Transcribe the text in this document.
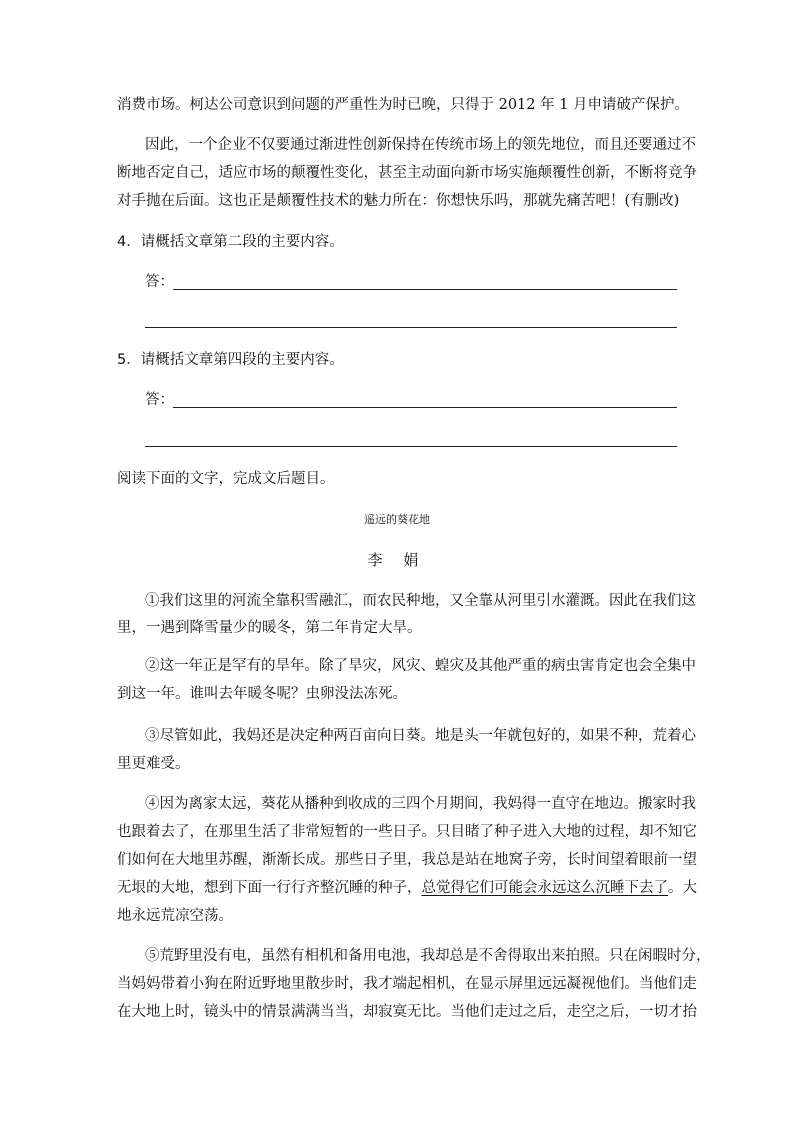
消费市场。柯达公司意识到问题的严重性为时已晚，只得于 2012 年 1 月申请破产保护。
因此，一个企业不仅要通过渐进性创新保持在传统市场上的领先地位，而且还要通过不
断地否定自己，适应市场的颠覆性变化，甚至主动面向新市场实施颠覆性创新，不断将竞争
对手抛在后面。这也正是颠覆性技术的魅力所在：你想快乐吗，那就先痛苦吧！(有删改)
4．请概括文章第二段的主要内容。
答：
5．请概括文章第四段的主要内容。
答：
阅读下面的文字，完成文后题目。
遥远的葵花地
李 娟
①我们这里的河流全靠积雪融汇，而农民种地，又全靠从河里引水灌溉。因此在我们这
里，一遇到降雪量少的暖冬，第二年肯定大旱。
②这一年正是罕有的旱年。除了旱灾，风灾、蝗灾及其他严重的病虫害肯定也会全集中
到这一年。谁叫去年暖冬呢？虫卵没法冻死。
③尽管如此，我妈还是决定种两百亩向日葵。地是头一年就包好的，如果不种，荒着心
里更难受。
④因为离家太远，葵花从播种到收成的三四个月期间，我妈得一直守在地边。搬家时我
也跟着去了，在那里生活了非常短暂的一些日子。只目睹了种子进入大地的过程，却不知它
们如何在大地里苏醒，渐渐长成。那些日子里，我总是站在地窝子旁，长时间望着眼前一望
无垠的大地，想到下面一行行齐整沉睡的种子，总觉得它们可能会永远这么沉睡下去了。大
地永远荒凉空荡。
⑤荒野里没有电，虽然有相机和备用电池，我却总是不舍得取出来拍照。只在闲暇时分，
当妈妈带着小狗在附近野地里散步时，我才端起相机，在显示屏里远远凝视他们。当他们走
在大地上时，镜头中的情景满满当当，却寂寞无比。当他们走过之后，走空之后，一切才抬
